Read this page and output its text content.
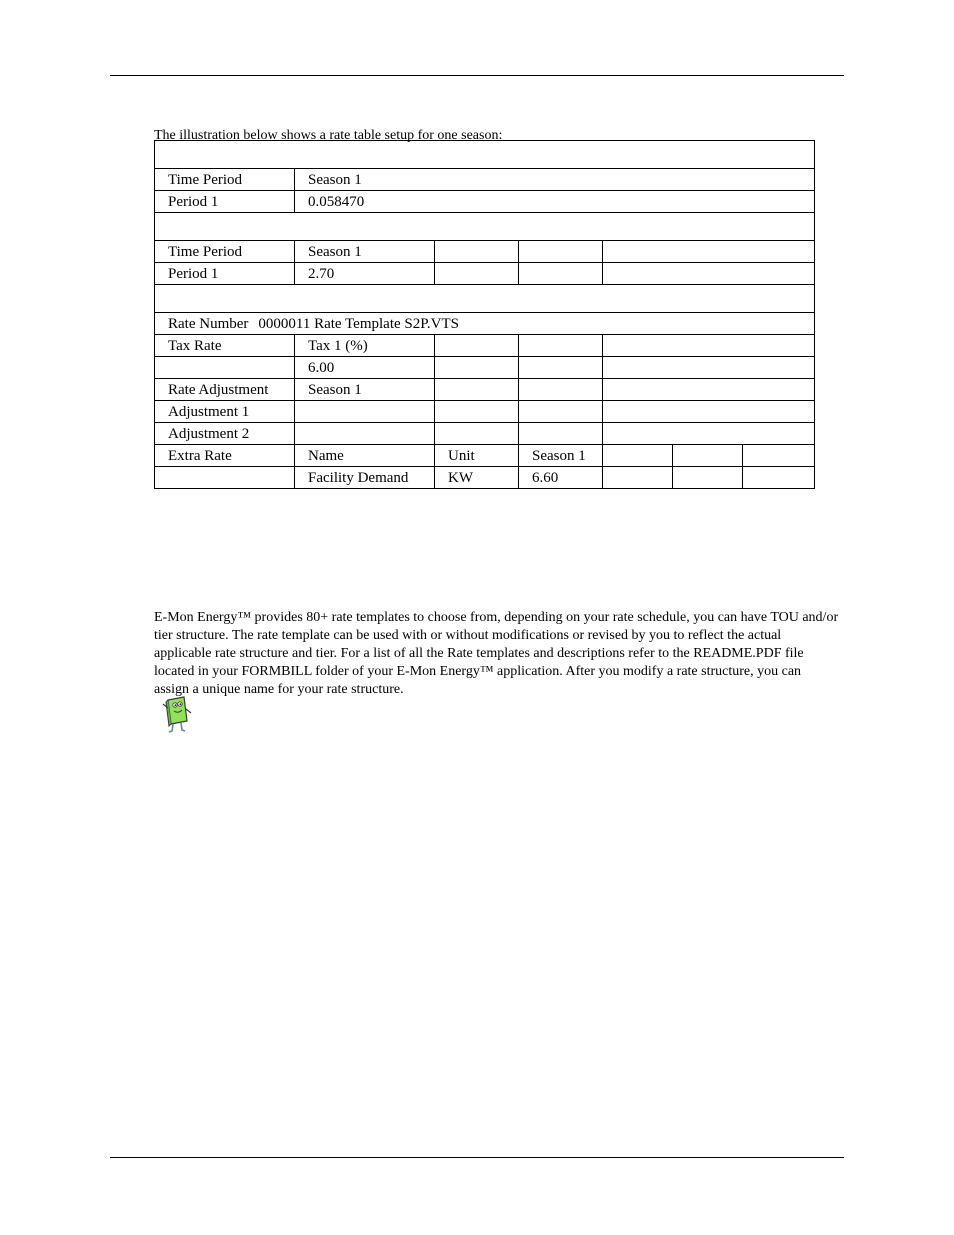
The illustration below shows a rate table setup for one season:

Time Period	Season 1					
Period 1	0.058470					

Time Period	Season 1					
Period 1	2.70					

Rate Number 0000011 Rate Template S2P.VTS						
Tax Rate	Tax 1 (%)					
	6.00					
Rate Adjustment	Season 1					
Adjustment 1						
Adjustment 2						
Extra Rate	Name	Unit	Season 1			
	Facility Demand	KW	6.60			

E-Mon Energy™ provides 80+ rate templates to choose from, depending on your rate schedule, you can have TOU and/or tier structure. The rate template can be used with or without modifications or revised by you to reflect the actual applicable rate structure and tier. For a list of all the Rate templates and descriptions refer to the README.PDF file located in your FORMBILL folder of your E-Mon Energy™ application. After you modify a rate structure, you can assign a unique name for your rate structure.
